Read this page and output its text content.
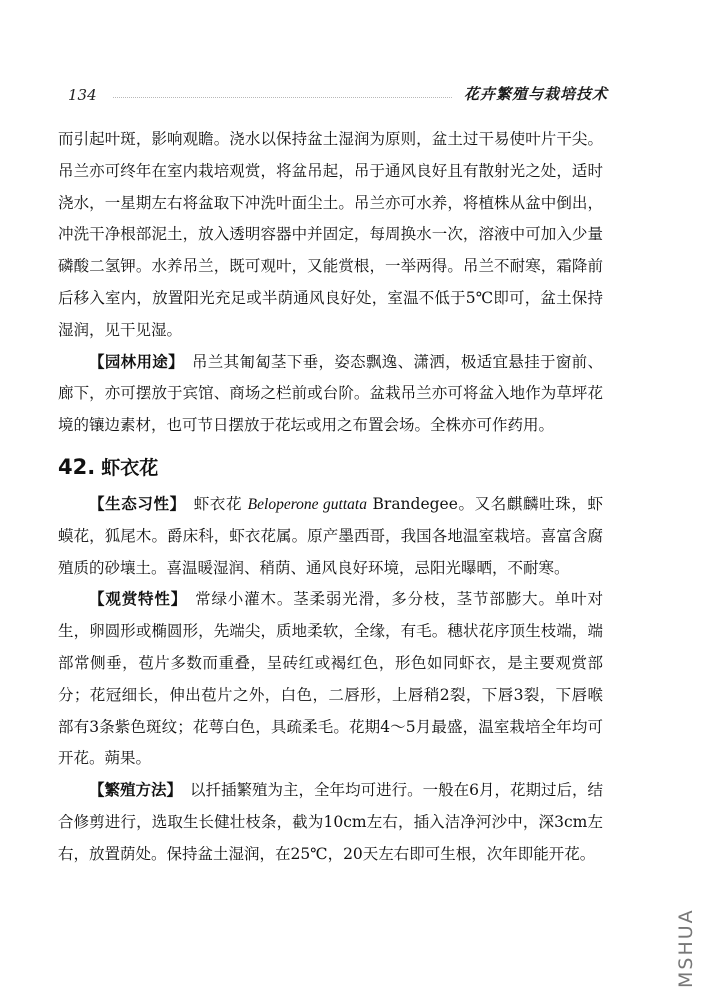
134	花卉繁殖与栽培技术

而引起叶斑，影响观瞻。浇水以保持盆土湿润为原则，盆土过干易使叶片干尖。吊兰亦可终年在室内栽培观赏，将盆吊起，吊于通风良好且有散射光之处，适时浇水，一星期左右将盆取下冲洗叶面尘土。吊兰亦可水养，将植株从盆中倒出，冲洗干净根部泥土，放入透明容器中并固定，每周换水一次，溶液中可加入少量磷酸二氢钾。水养吊兰，既可观叶，又能赏根，一举两得。吊兰不耐寒，霜降前后移入室内，放置阳光充足或半荫通风良好处，室温不低于5℃即可，盆土保持湿润，见干见湿。

【园林用途】 吊兰其匍匐茎下垂，姿态飘逸、潇洒，极适宜悬挂于窗前、廊下，亦可摆放于宾馆、商场之栏前或台阶。盆栽吊兰亦可将盆入地作为草坪花境的镶边素材，也可节日摆放于花坛或用之布置会场。全株亦可作药用。

42. 虾衣花

【生态习性】 虾衣花 Beloperone guttata Brandegee。又名麒麟吐珠，虾蟆花，狐尾木。爵床科，虾衣花属。原产墨西哥，我国各地温室栽培。喜富含腐殖质的砂壤土。喜温暖湿润、稍荫、通风良好环境，忌阳光曝晒，不耐寒。

【观赏特性】 常绿小灌木。茎柔弱光滑，多分枝，茎节部膨大。单叶对生，卵圆形或椭圆形，先端尖，质地柔软，全缘，有毛。穗状花序顶生枝端，端部常侧垂，苞片多数而重叠，呈砖红或褐红色，形色如同虾衣，是主要观赏部分；花冠细长，伸出苞片之外，白色，二唇形，上唇稍2裂，下唇3裂，下唇喉部有3条紫色斑纹；花萼白色，具疏柔毛。花期4～5月最盛，温室栽培全年均可开花。蒴果。

【繁殖方法】 以扦插繁殖为主，全年均可进行。一般在6月，花期过后，结合修剪进行，选取生长健壮枝条，截为10cm左右，插入洁净河沙中，深3cm左右，放置荫处。保持盆土湿润，在25℃，20天左右即可生根，次年即能开花。

MSHUA
